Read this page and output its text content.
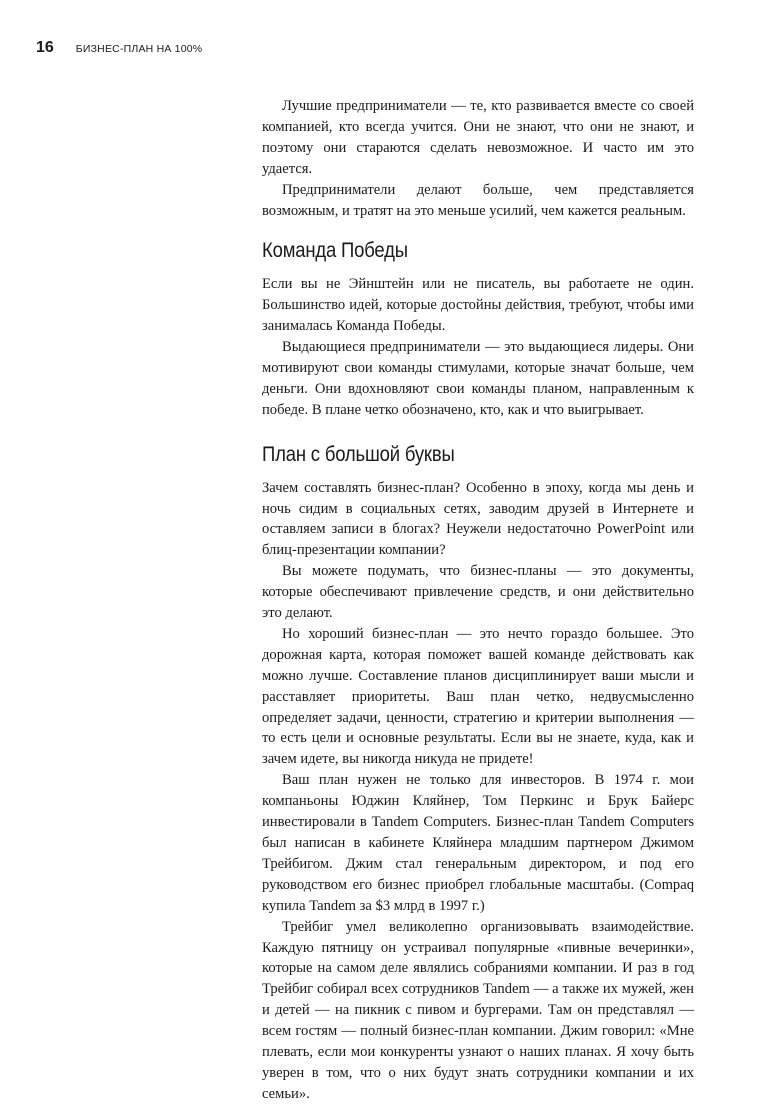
16 БИЗНЕС-ПЛАН НА 100%

Лучшие предприниматели — те, кто развивается вместе со своей компанией, кто всегда учится. Они не знают, что они не знают, и поэтому они стараются сделать невозможное. И часто им это удается.

Предприниматели делают больше, чем представляется возможным, и тратят на это меньше усилий, чем кажется реальным.

Команда Победы

Если вы не Эйнштейн или не писатель, вы работаете не один. Большинство идей, которые достойны действия, требуют, чтобы ими занималась Команда Победы.

Выдающиеся предприниматели — это выдающиеся лидеры. Они мотивируют свои команды стимулами, которые значат больше, чем деньги. Они вдохновляют свои команды планом, направленным к победе. В плане четко обозначено, кто, как и что выигрывает.

План с большой буквы

Зачем составлять бизнес-план? Особенно в эпоху, когда мы день и ночь сидим в социальных сетях, заводим друзей в Интернете и оставляем записи в блогах? Неужели недостаточно PowerPoint или блиц-презентации компании?

Вы можете подумать, что бизнес-планы — это документы, которые обеспечивают привлечение средств, и они действительно это делают.

Но хороший бизнес-план — это нечто гораздо большее. Это дорожная карта, которая поможет вашей команде действовать как можно лучше. Составление планов дисциплинирует ваши мысли и расставляет приоритеты. Ваш план четко, недвусмысленно определяет задачи, ценности, стратегию и критерии выполнения — то есть цели и основные результаты. Если вы не знаете, куда, как и зачем идете, вы никогда никуда не придете!

Ваш план нужен не только для инвесторов. В 1974 г. мои компаньоны Юджин Кляйнер, Том Перкинс и Брук Байерс инвестировали в Tandem Computers. Бизнес-план Tandem Computers был написан в кабинете Кляйнера младшим партнером Джимом Трейбигом. Джим стал генеральным директором, и под его руководством его бизнес приобрел глобальные масштабы. (Compaq купила Tandem за $3 млрд в 1997 г.)

Трейбиг умел великолепно организовывать взаимодействие. Каждую пятницу он устраивал популярные «пивные вечеринки», которые на самом деле являлись собраниями компании. И раз в год Трейбиг собирал всех сотрудников Tandem — а также их мужей, жен и детей — на пикник с пивом и бургерами. Там он представлял — всем гостям — полный бизнес-план компании. Джим говорил: «Мне плевать, если мои конкуренты узнают о наших планах. Я хочу быть уверен в том, что о них будут знать сотрудники компании и их семьи».
